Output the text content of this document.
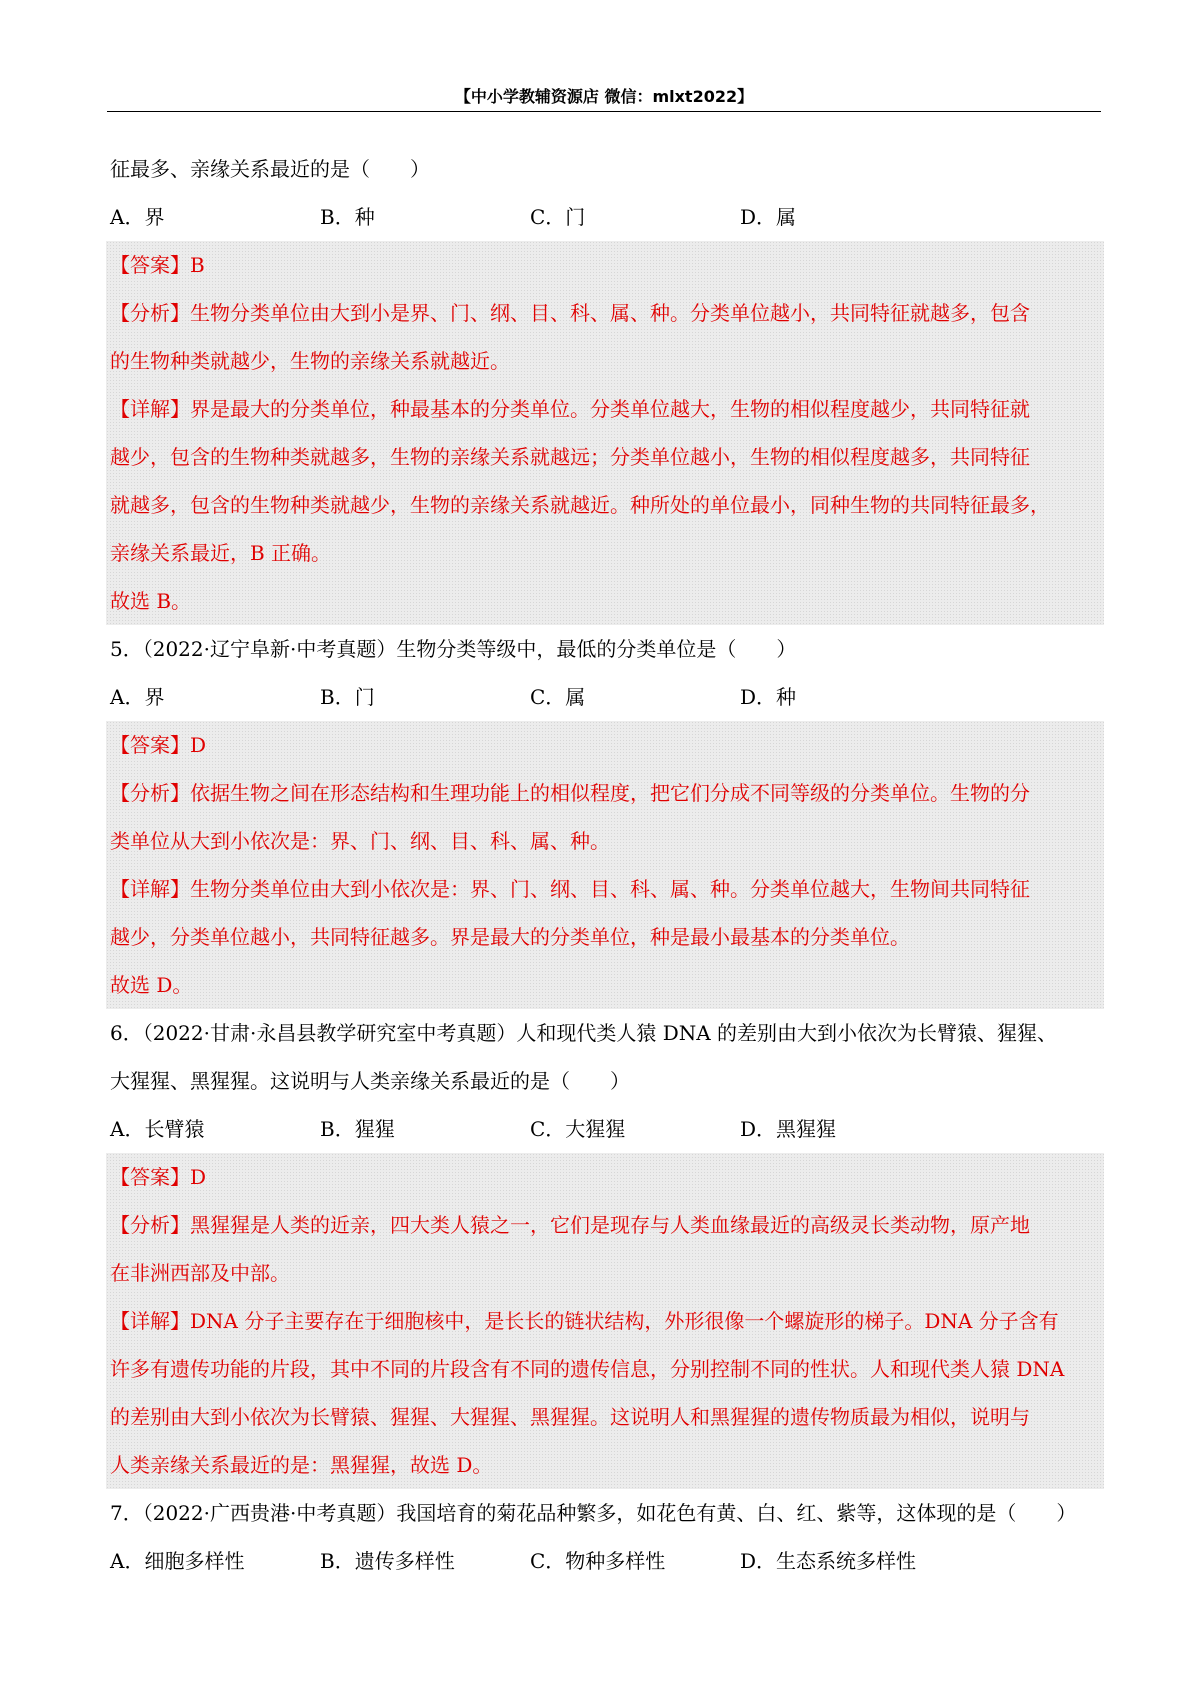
【中小学教辅资源店 微信：mlxt2022】
征最多、亲缘关系最近的是（　　）
A．界	B．种	C．门	D．属
【答案】B
【分析】生物分类单位由大到小是界、门、纲、目、科、属、种。分类单位越小，共同特征就越多，包含
的生物种类就越少，生物的亲缘关系就越近。
【详解】界是最大的分类单位，种最基本的分类单位。分类单位越大，生物的相似程度越少，共同特征就
越少，包含的生物种类就越多，生物的亲缘关系就越远；分类单位越小，生物的相似程度越多，共同特征
就越多，包含的生物种类就越少，生物的亲缘关系就越近。种所处的单位最小，同种生物的共同特征最多，
亲缘关系最近，B 正确。
故选 B。
5．（2022·辽宁阜新·中考真题）生物分类等级中，最低的分类单位是（　　）
A．界	B．门	C．属	D．种
【答案】D
【分析】依据生物之间在形态结构和生理功能上的相似程度，把它们分成不同等级的分类单位。生物的分
类单位从大到小依次是：界、门、纲、目、科、属、种。
【详解】生物分类单位由大到小依次是：界、门、纲、目、科、属、种。分类单位越大，生物间共同特征
越少，分类单位越小，共同特征越多。界是最大的分类单位，种是最小最基本的分类单位。
故选 D。
6．（2022·甘肃·永昌县教学研究室中考真题）人和现代类人猿 DNA 的差别由大到小依次为长臂猿、猩猩、
大猩猩、黑猩猩。这说明与人类亲缘关系最近的是（　　）
A．长臂猿	B．猩猩	C．大猩猩	D．黑猩猩
【答案】D
【分析】黑猩猩是人类的近亲，四大类人猿之一，它们是现存与人类血缘最近的高级灵长类动物，原产地
在非洲西部及中部。
【详解】DNA 分子主要存在于细胞核中，是长长的链状结构，外形很像一个螺旋形的梯子。DNA 分子含有
许多有遗传功能的片段，其中不同的片段含有不同的遗传信息，分别控制不同的性状。人和现代类人猿 DNA
的差别由大到小依次为长臂猿、猩猩、大猩猩、黑猩猩。这说明人和黑猩猩的遗传物质最为相似，说明与
人类亲缘关系最近的是：黑猩猩，故选 D。
7．（2022·广西贵港·中考真题）我国培育的菊花品种繁多，如花色有黄、白、红、紫等，这体现的是（　　）
A．细胞多样性	B．遗传多样性	C．物种多样性	D．生态系统多样性
